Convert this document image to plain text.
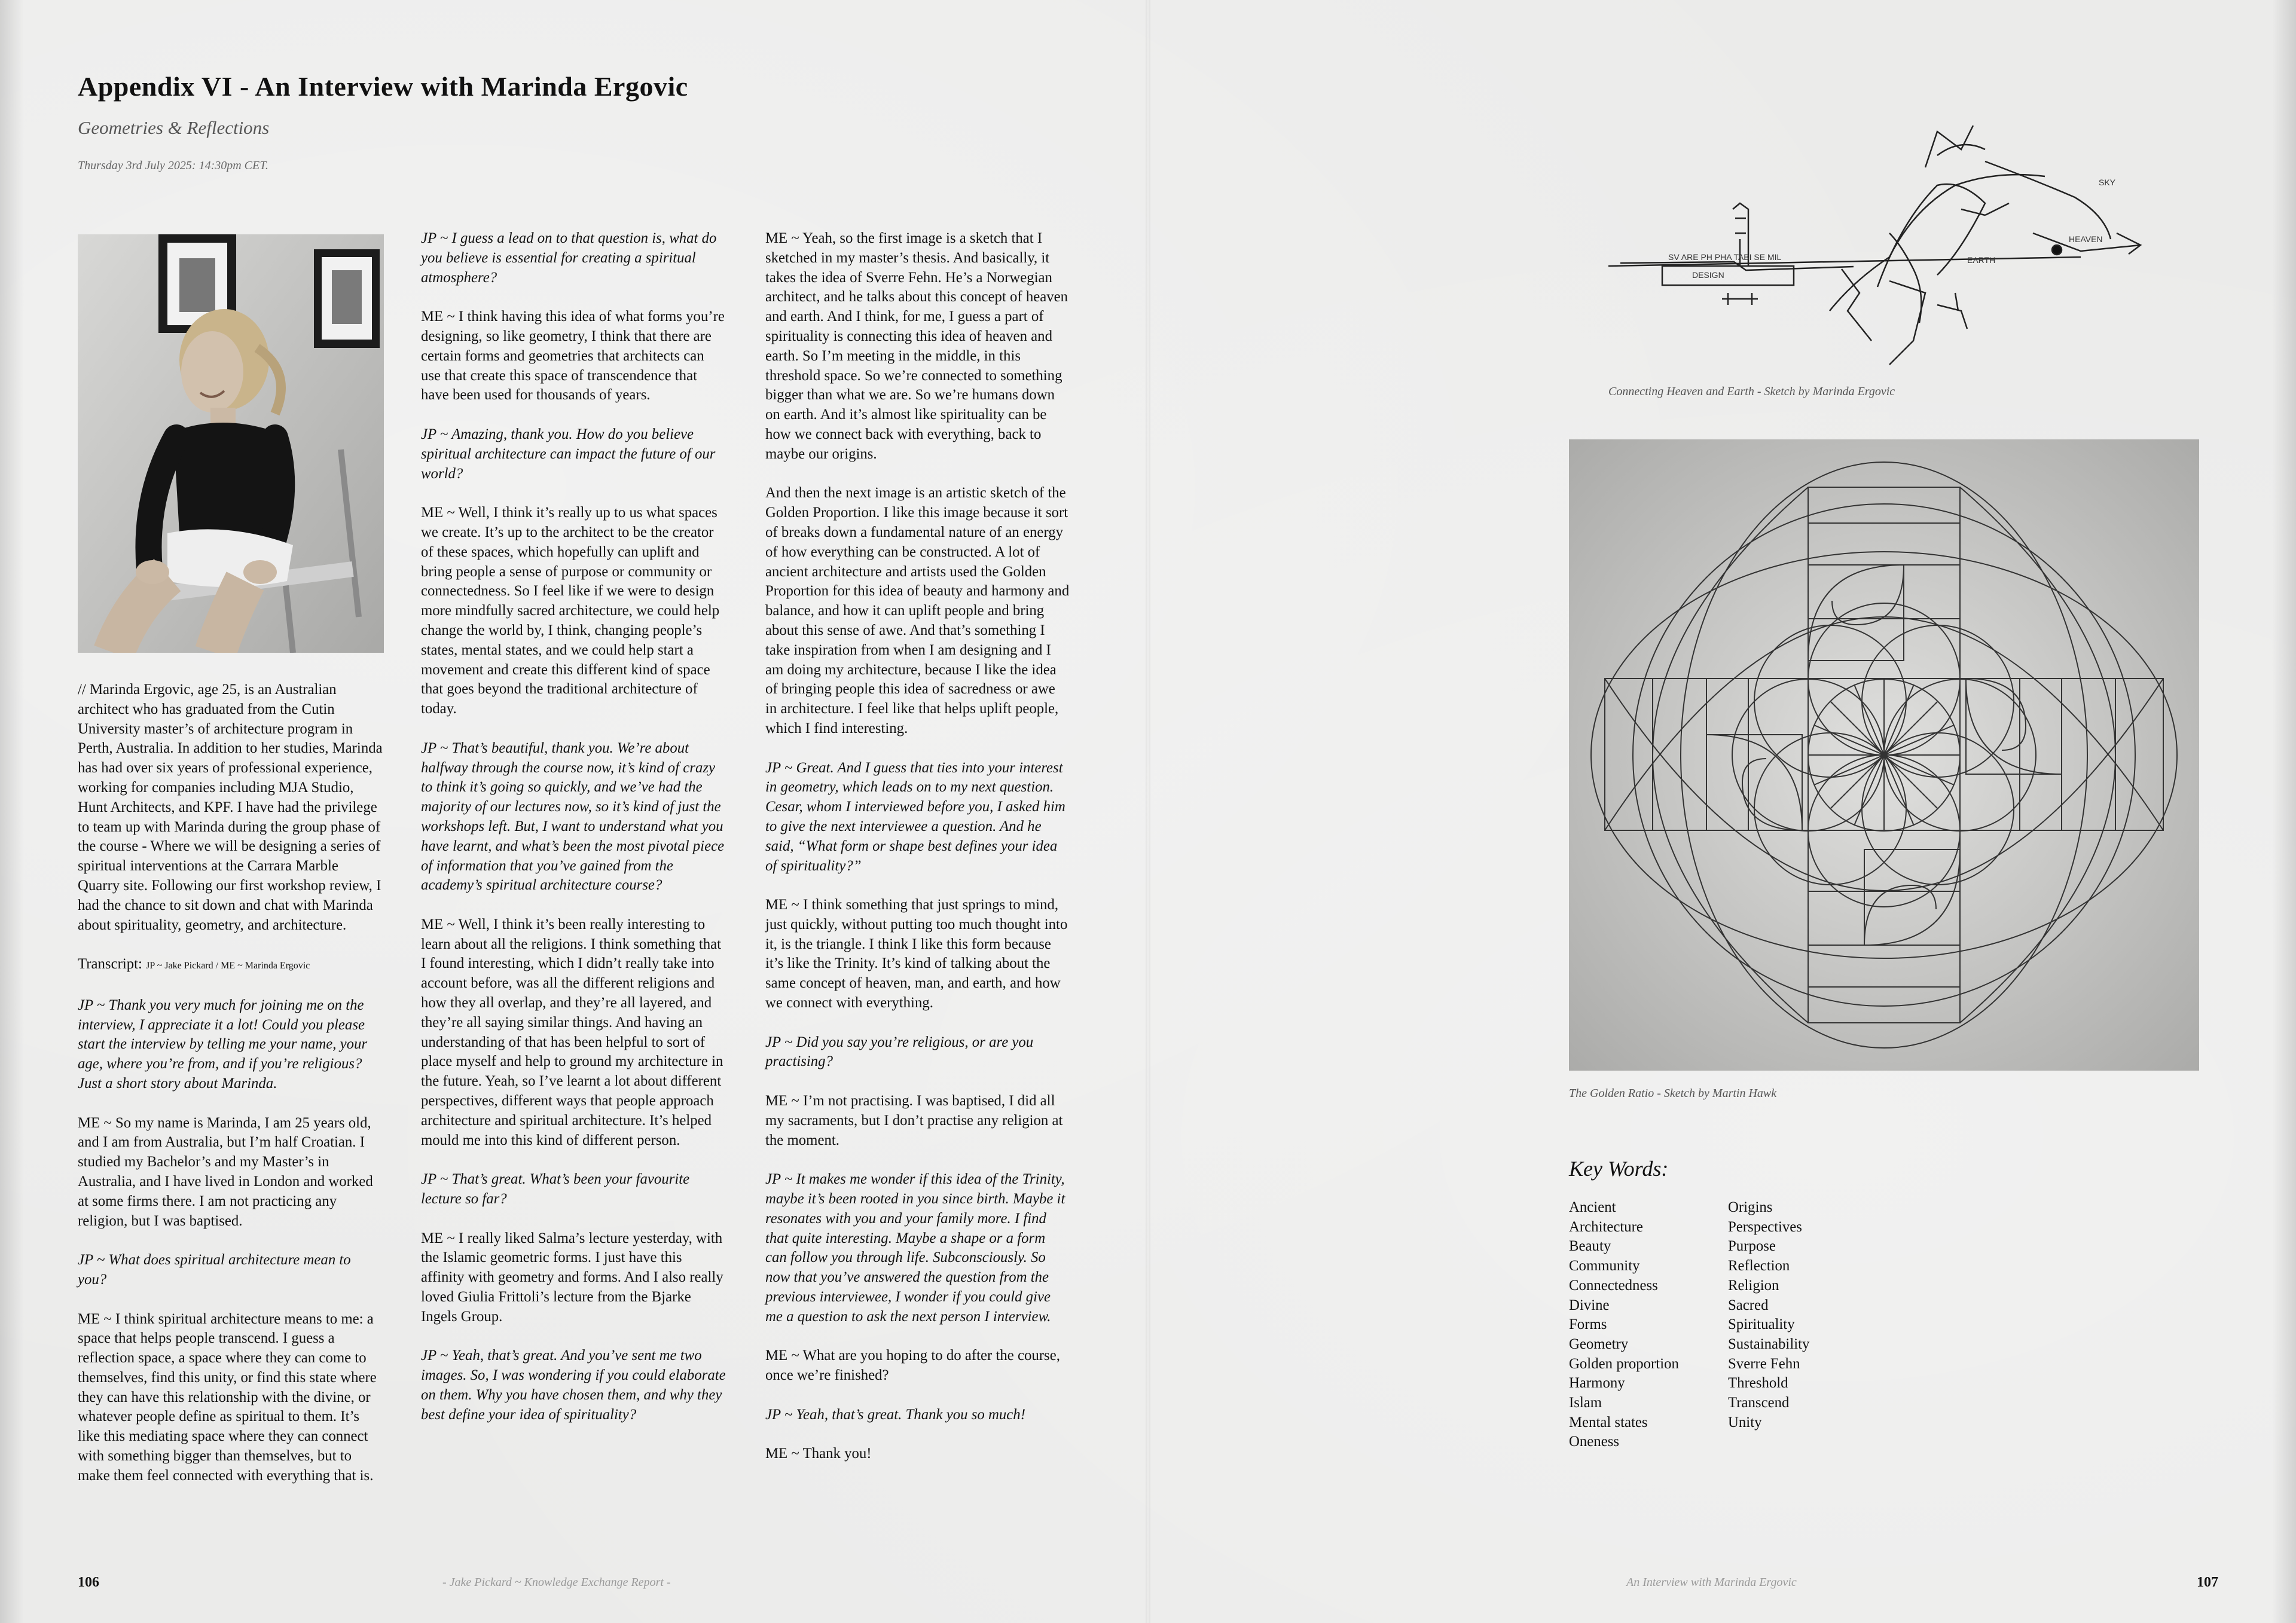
Appendix VI - An Interview with Marinda Ergovic
Geometries & Reflections
Thursday 3rd July 2025: 14:30pm CET.

// Marinda Ergovic, age 25, is an Australian architect who has graduated from the Cutin University master’s of architecture program in Perth, Australia. In addition to her studies, Marinda has had over six years of professional experience, working for companies including MJA Studio, Hunt Architects, and KPF. I have had the privilege to team up with Marinda during the group phase of the course - Where we will be designing a series of spiritual interventions at the Carrara Marble Quarry site. Following our first workshop review, I had the chance to sit down and chat with Marinda about spirituality, geometry, and architecture.

Transcript: JP ~ Jake Pickard / ME ~ Marinda Ergovic

JP ~ Thank you very much for joining me on the interview, I appreciate it a lot! Could you please start the interview by telling me your name, your age, where you’re from, and if you’re religious? Just a short story about Marinda.

ME ~ So my name is Marinda, I am 25 years old, and I am from Australia, but I’m half Croatian. I studied my Bachelor’s and my Master’s in Australia, and I have lived in London and worked at some firms there. I am not practicing any religion, but I was baptised.

JP ~ What does spiritual architecture mean to you?

ME ~ I think spiritual architecture means to me: a space that helps people transcend. I guess a reflection space, a space where they can come to themselves, find this unity, or find this state where they can have this relationship with the divine, or whatever people define as spiritual to them. It’s like this mediating space where they can connect with something bigger than themselves, but to make them feel connected with everything that is.

JP ~ I guess a lead on to that question is, what do you believe is essential for creating a spiritual atmosphere?

ME ~ I think having this idea of what forms you’re designing, so like geometry, I think that there are certain forms and geometries that architects can use that create this space of transcendence that have been used for thousands of years.

JP ~ Amazing, thank you. How do you believe spiritual architecture can impact the future of our world?

ME ~ Well, I think it’s really up to us what spaces we create. It’s up to the architect to be the creator of these spaces, which hopefully can uplift and bring people a sense of purpose or community or connectedness. So I feel like if we were to design more mindfully sacred architecture, we could help change the world by, I think, changing people’s states, mental states, and we could help start a movement and create this different kind of space that goes beyond the traditional architecture of today.

JP ~ That’s beautiful, thank you. We’re about halfway through the course now, it’s kind of crazy to think it’s going so quickly, and we’ve had the majority of our lectures now, so it’s kind of just the workshops left. But, I want to understand what you have learnt, and what’s been the most pivotal piece of information that you’ve gained from the academy’s spiritual architecture course?

ME ~ Well, I think it’s been really interesting to learn about all the religions. I think something that I found interesting, which I didn’t really take into account before, was all the different religions and how they all overlap, and they’re all layered, and they’re all saying similar things. And having an understanding of that has been helpful to sort of place myself and help to ground my architecture in the future. Yeah, so I’ve learnt a lot about different perspectives, different ways that people approach architecture and spiritual architecture. It’s helped mould me into this kind of different person.

JP ~ That’s great. What’s been your favourite lecture so far?

ME ~ I really liked Salma’s lecture yesterday, with the Islamic geometric forms. I just have this affinity with geometry and forms. And I also really loved Giulia Frittoli’s lecture from the Bjarke Ingels Group.

JP ~ Yeah, that’s great. And you’ve sent me two images. So, I was wondering if you could elaborate on them. Why you have chosen them, and why they best define your idea of spirituality?

ME ~ Yeah, so the first image is a sketch that I sketched in my master’s thesis. And basically, it takes the idea of Sverre Fehn. He’s a Norwegian architect, and he talks about this concept of heaven and earth. And I think, for me, I guess a part of spirituality is connecting this idea of heaven and earth. So I’m meeting in the middle, in this threshold space. So we’re connected to something bigger than what we are. So we’re humans down on earth. And it’s almost like spirituality can be how we connect back with everything, back to maybe our origins.

And then the next image is an artistic sketch of the Golden Proportion. I like this image because it sort of breaks down a fundamental nature of an energy of how everything can be constructed. A lot of ancient architecture and artists used the Golden Proportion for this idea of beauty and harmony and balance, and how it can uplift people and bring about this sense of awe. And that’s something I take inspiration from when I am designing and I am doing my architecture, because I like the idea of bringing people this idea of sacredness or awe in architecture. I feel like that helps uplift people, which I find interesting.

JP ~ Great. And I guess that ties into your interest in geometry, which leads on to my next question. Cesar, whom I interviewed before you, I asked him to give the next interviewee a question. And he said, “What form or shape best defines your idea of spirituality?”

ME ~ I think something that just springs to mind, just quickly, without putting too much thought into it, is the triangle. I think I like this form because it’s like the Trinity. It’s kind of talking about the same concept of heaven, man, and earth, and how we connect with everything.

JP ~ Did you say you’re religious, or are you practising?

ME ~ I’m not practising. I was baptised, I did all my sacraments, but I don’t practise any religion at the moment.

JP ~ It makes me wonder if this idea of the Trinity, maybe it’s been rooted in you since birth. Maybe it resonates with you and your family more. I find that quite interesting. Maybe a shape or a form can follow you through life. Subconsciously. So now that you’ve answered the question from the previous interviewee, I wonder if you could give me a question to ask the next person I interview.

ME ~ What are you hoping to do after the course, once we’re finished?

JP ~ Yeah, that’s great. Thank you so much!

ME ~ Thank you!

106	- Jake Pickard ~ Knowledge Exchange Report -
SV ARE PH PHA TABI SE MIL
DESIGN
HEAVEN
SKY
EARTH
Connecting Heaven and Earth - Sketch by Marinda Ergovic
The Golden Ratio - Sketch by Martin Hawk
Key Words:
Ancient
Architecture
Beauty
Community
Connectedness
Divine
Forms
Geometry
Golden proportion
Harmony
Islam
Mental states
Oneness
Origins
Perspectives
Purpose
Reflection
Religion
Sacred
Spirituality
Sustainability
Sverre Fehn
Threshold
Transcend
Unity
An Interview with Marinda Ergovic	107
